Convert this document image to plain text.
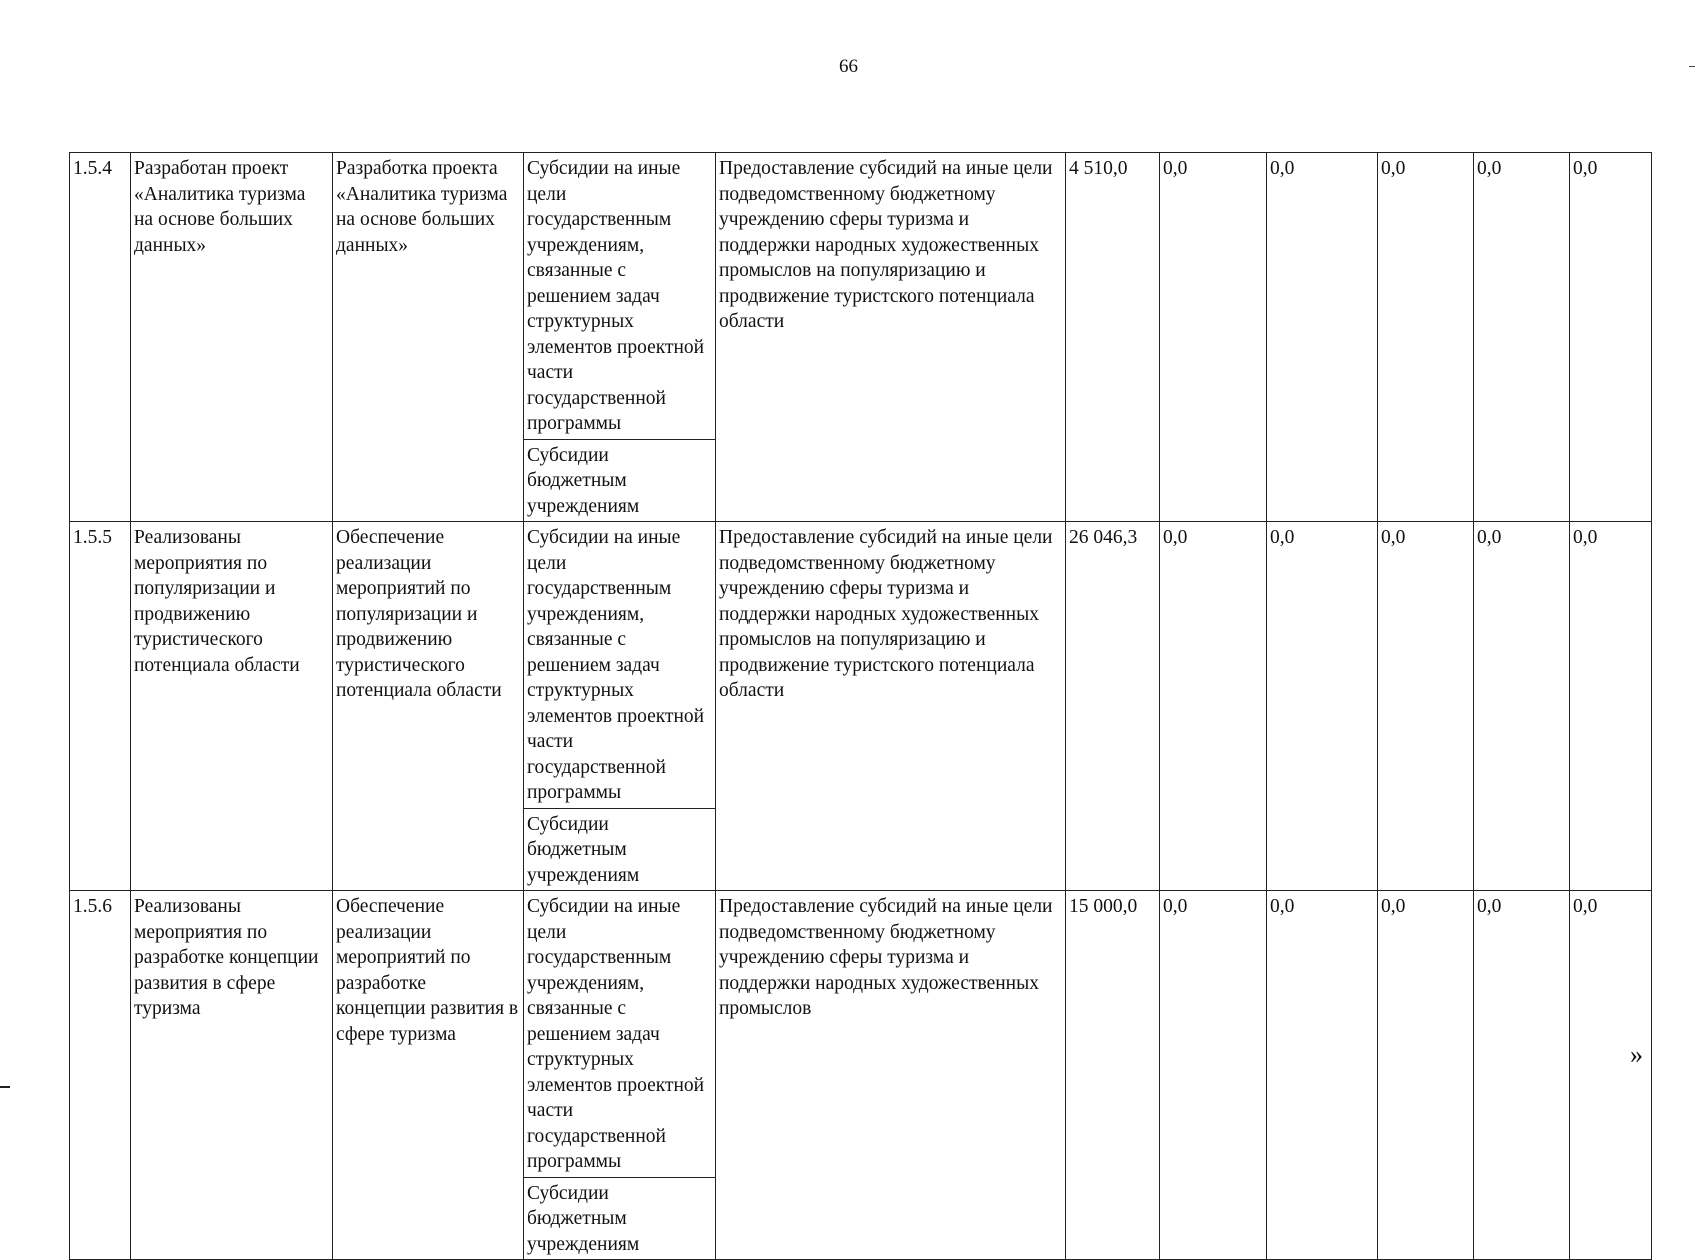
66
1.5.4	Разработан проект «Аналитика туризма на основе больших данных»	Разработка проекта «Аналитика туризма на основе больших данных»	Субсидии на иные цели государственным учреждениям, связанные с решением задач структурных элементов проектной части государственной программы	Предоставление субсидий на иные цели подведомственному бюджетному учреждению сферы туризма и поддержки народных художественных промыслов на популяризацию и продвижение туристского потенциала области	4 510,0	0,0	0,0	0,0	0,0	0,0
			Субсидии бюджетным учреждениям							
1.5.5	Реализованы мероприятия по популяризации и продвижению туристического потенциала области	Обеспечение реализации мероприятий по популяризации и продвижению туристического потенциала области	Субсидии на иные цели государственным учреждениям, связанные с решением задач структурных элементов проектной части государственной программы	Предоставление субсидий на иные цели подведомственному бюджетному учреждению сферы туризма и поддержки народных художественных промыслов на популяризацию и продвижение туристского потенциала области	26 046,3	0,0	0,0	0,0	0,0	0,0
			Субсидии бюджетным учреждениям							
1.5.6	Реализованы мероприятия по разработке концепции развития в сфере туризма	Обеспечение реализации мероприятий по разработке концепции развития в сфере туризма	Субсидии на иные цели государственным учреждениям, связанные с решением задач структурных элементов проектной части государственной программы	Предоставление субсидий на иные цели подведомственному бюджетному учреждению сферы туризма и поддержки народных художественных промыслов	15 000,0	0,0	0,0	0,0	0,0	0,0
			Субсидии бюджетным учреждениям							
»
